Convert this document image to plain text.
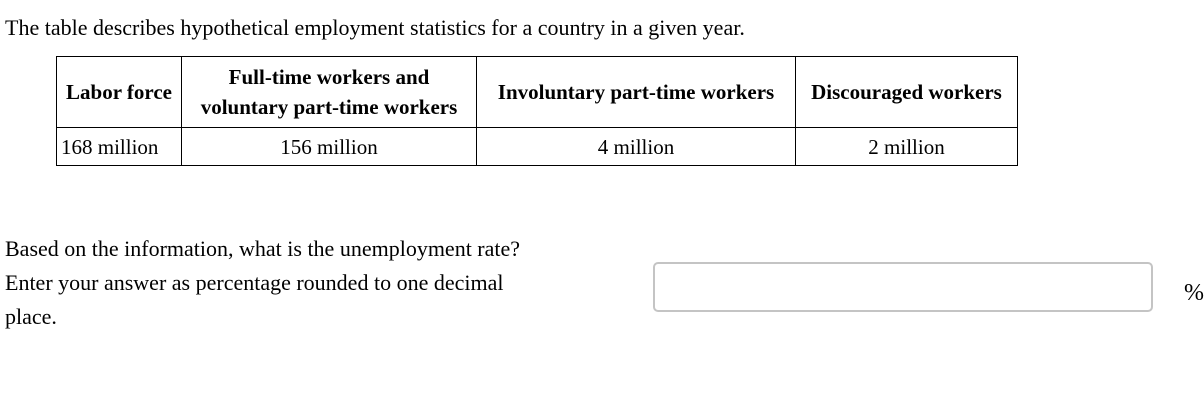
The table describes hypothetical employment statistics for a country in a given year.
Labor force	Full-time workers and
voluntary part-time workers	Involuntary part-time workers	Discouraged workers
168 million	156 million	4 million	2 million
Based on the information, what is the unemployment rate?
Enter your answer as percentage rounded to one decimal
place.
%
